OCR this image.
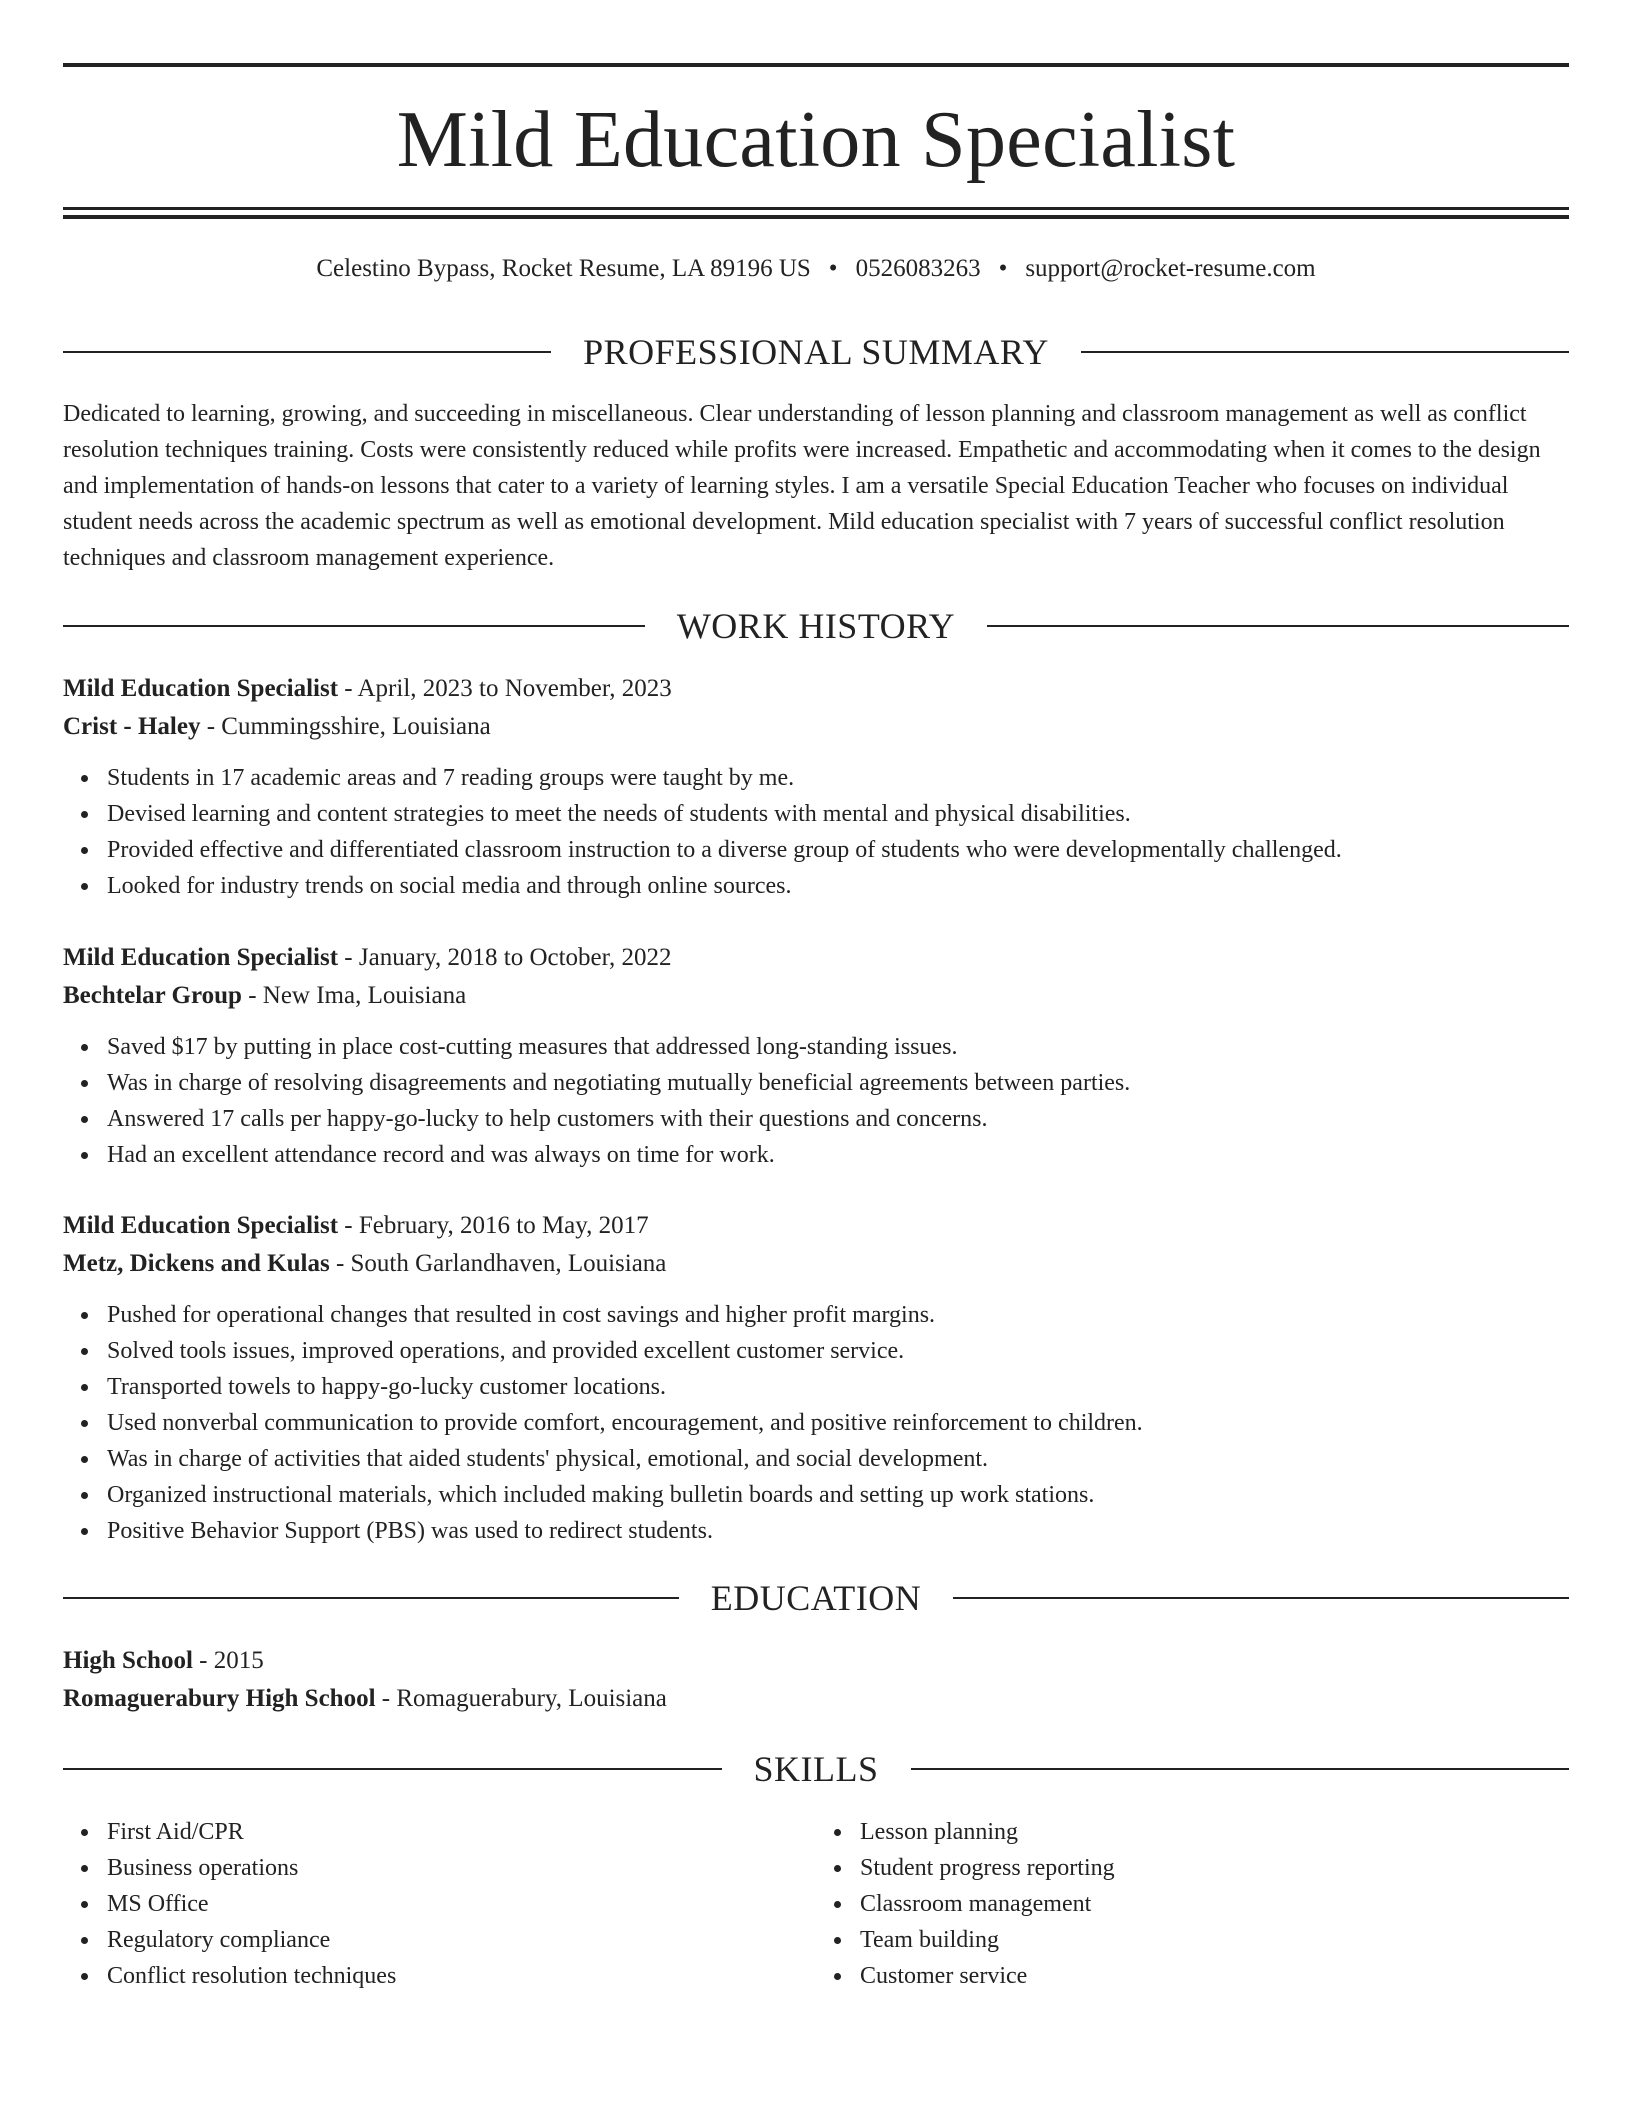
Mild Education Specialist
Celestino Bypass, Rocket Resume, LA 89196 US • 0526083263 • support@rocket-resume.com
PROFESSIONAL SUMMARY
Dedicated to learning, growing, and succeeding in miscellaneous. Clear understanding of lesson planning and classroom management as well as conflict resolution techniques training. Costs were consistently reduced while profits were increased. Empathetic and accommodating when it comes to the design and implementation of hands-on lessons that cater to a variety of learning styles. I am a versatile Special Education Teacher who focuses on individual student needs across the academic spectrum as well as emotional development. Mild education specialist with 7 years of successful conflict resolution techniques and classroom management experience.
WORK HISTORY
Mild Education Specialist - April, 2023 to November, 2023
Crist - Haley - Cummingsshire, Louisiana
Students in 17 academic areas and 7 reading groups were taught by me.
Devised learning and content strategies to meet the needs of students with mental and physical disabilities.
Provided effective and differentiated classroom instruction to a diverse group of students who were developmentally challenged.
Looked for industry trends on social media and through online sources.
Mild Education Specialist - January, 2018 to October, 2022
Bechtelar Group - New Ima, Louisiana
Saved $17 by putting in place cost-cutting measures that addressed long-standing issues.
Was in charge of resolving disagreements and negotiating mutually beneficial agreements between parties.
Answered 17 calls per happy-go-lucky to help customers with their questions and concerns.
Had an excellent attendance record and was always on time for work.
Mild Education Specialist - February, 2016 to May, 2017
Metz, Dickens and Kulas - South Garlandhaven, Louisiana
Pushed for operational changes that resulted in cost savings and higher profit margins.
Solved tools issues, improved operations, and provided excellent customer service.
Transported towels to happy-go-lucky customer locations.
Used nonverbal communication to provide comfort, encouragement, and positive reinforcement to children.
Was in charge of activities that aided students' physical, emotional, and social development.
Organized instructional materials, which included making bulletin boards and setting up work stations.
Positive Behavior Support (PBS) was used to redirect students.
EDUCATION
High School - 2015
Romaguerabury High School - Romaguerabury, Louisiana
SKILLS
First Aid/CPR
Business operations
MS Office
Regulatory compliance
Conflict resolution techniques
Lesson planning
Student progress reporting
Classroom management
Team building
Customer service
